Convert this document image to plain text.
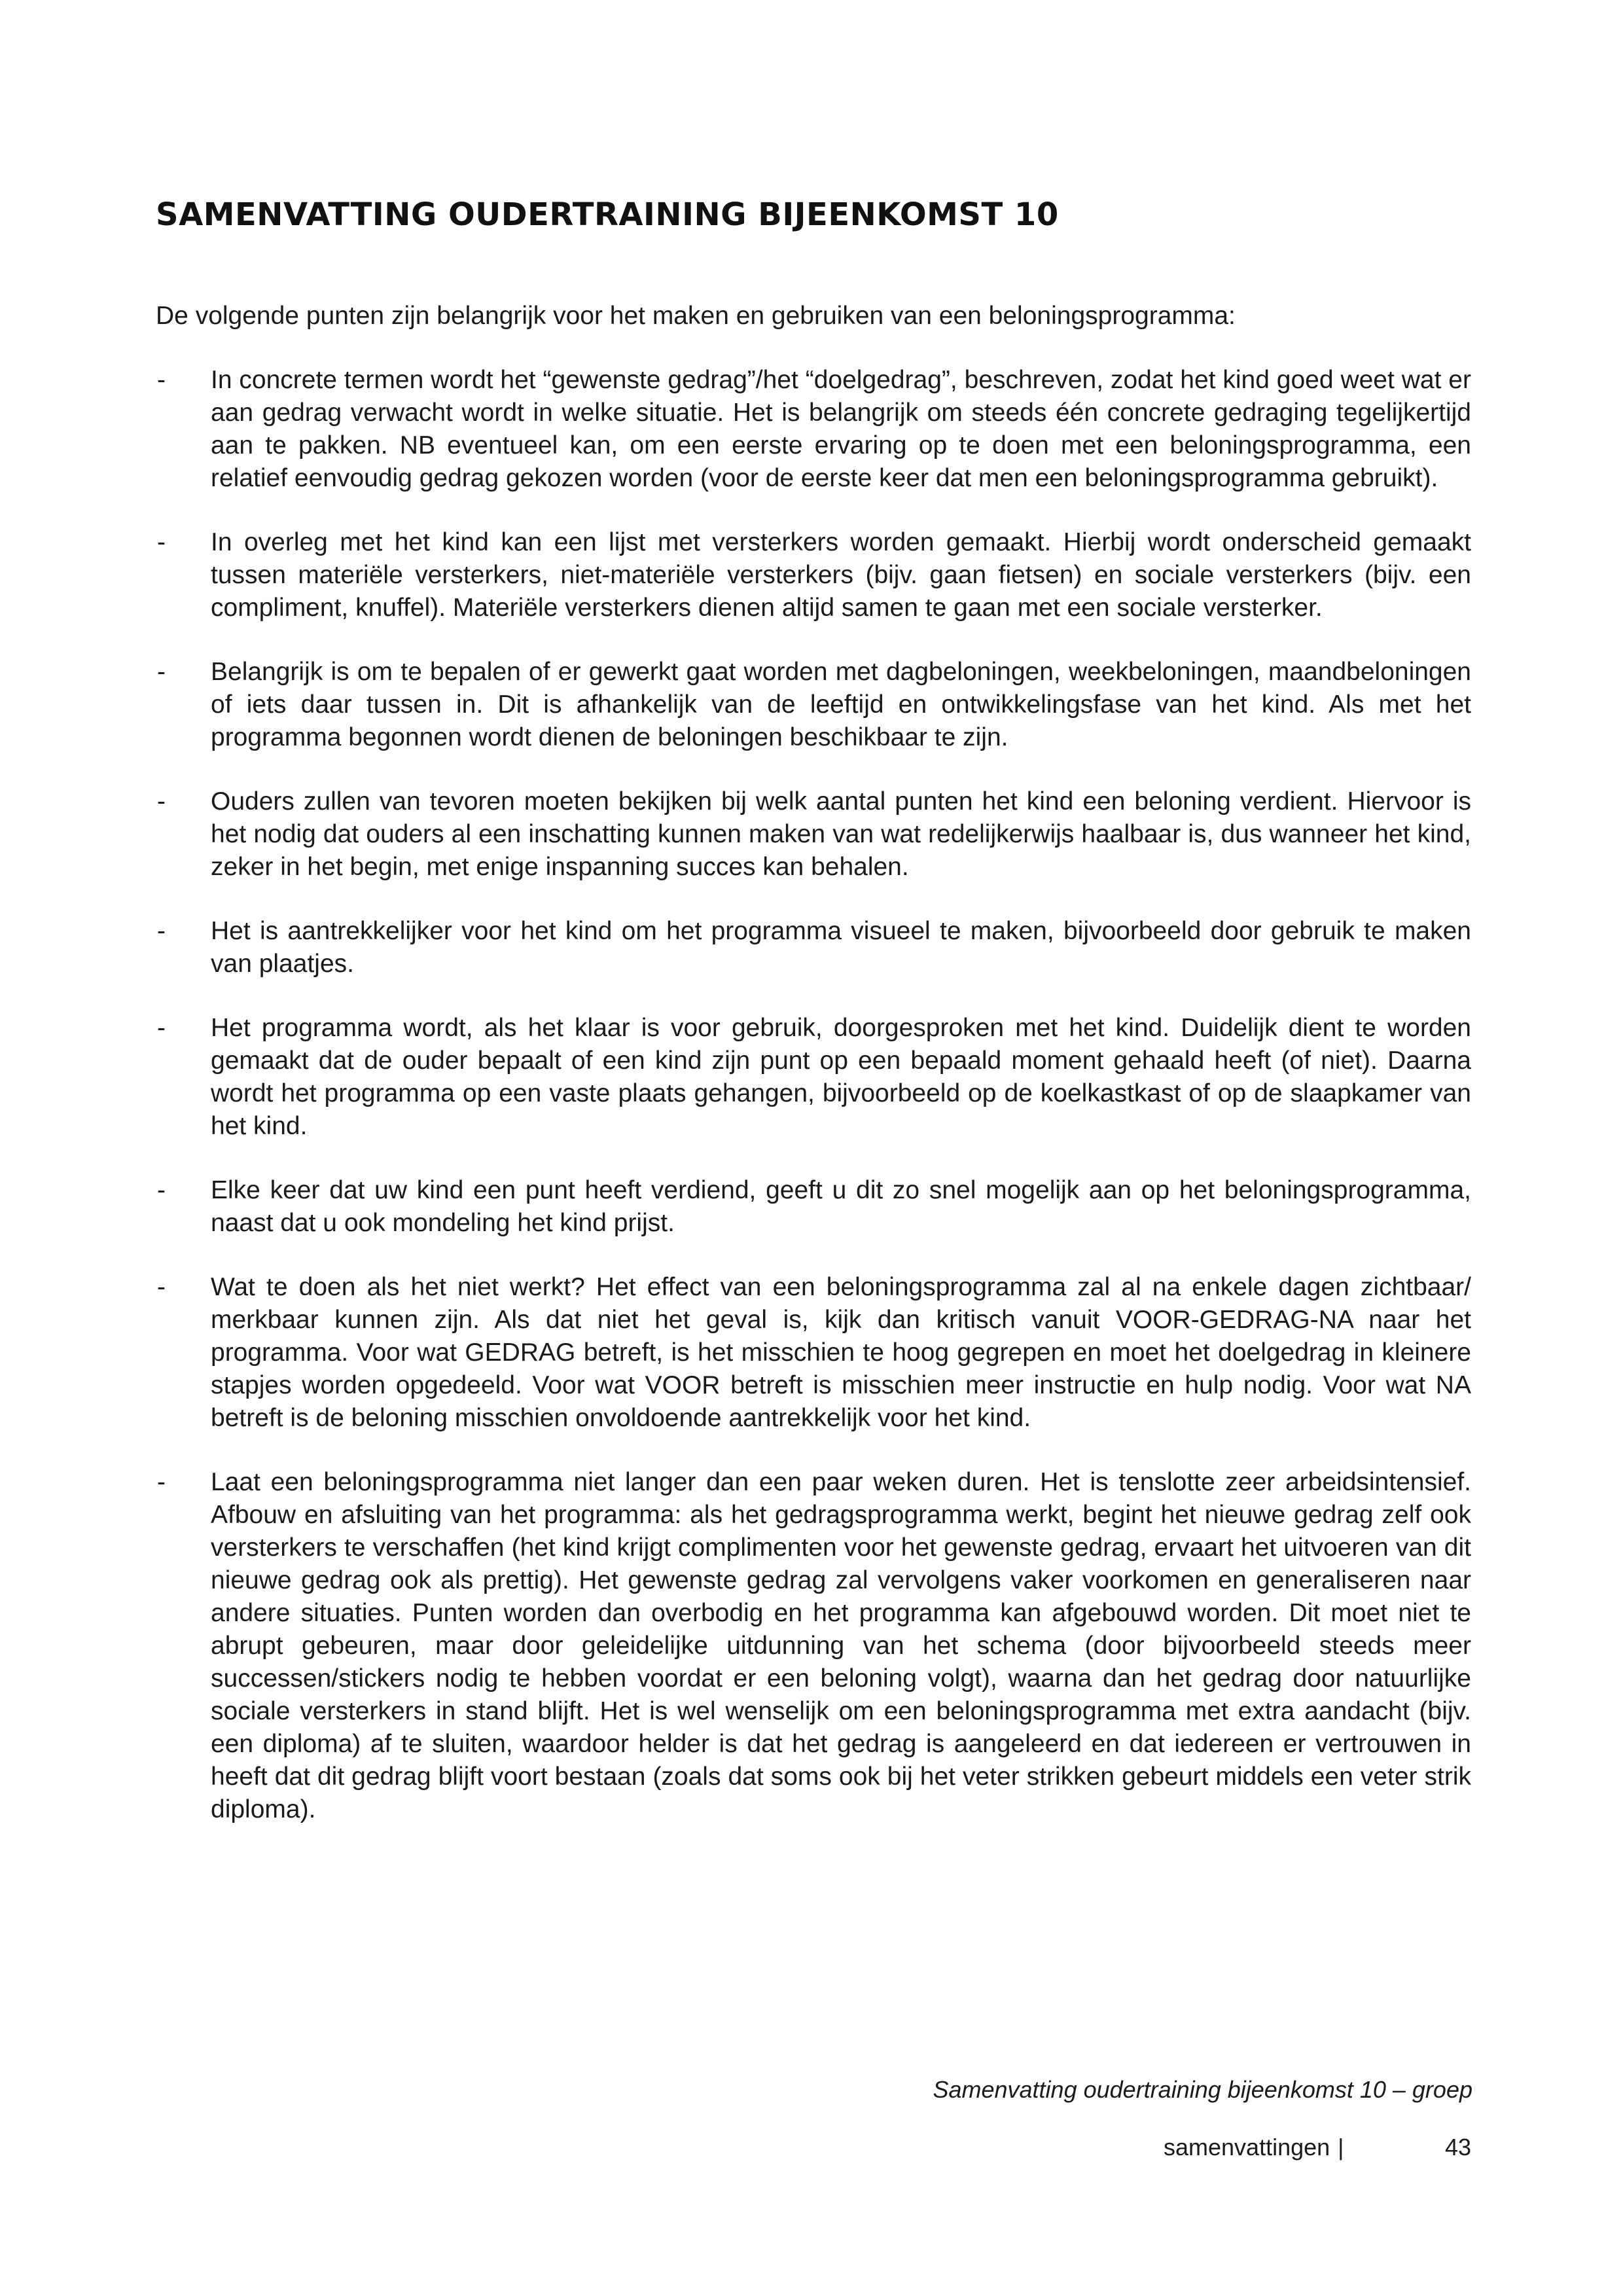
SAMENVATTING OUDERTRAINING BIJEENKOMST 10

De volgende punten zijn belangrijk voor het maken en gebruiken van een beloningsprogramma:

- In concrete termen wordt het “gewenste gedrag”/het “doelgedrag”, beschreven, zodat het kind goed weet wat er aan gedrag verwacht wordt in welke situatie. Het is belangrijk om steeds één concrete gedraging tegelijkertijd aan te pakken. NB eventueel kan, om een eerste ervaring op te doen met een beloningsprogramma, een relatief eenvoudig gedrag gekozen worden (voor de eerste keer dat men een beloningsprogramma gebruikt).
- In overleg met het kind kan een lijst met versterkers worden gemaakt. Hierbij wordt onderscheid gemaakt tussen materiële versterkers, niet-materiële versterkers (bijv. gaan fietsen) en sociale versterkers (bijv. een compliment, knuffel). Materiële versterkers dienen altijd samen te gaan met een sociale versterker.
- Belangrijk is om te bepalen of er gewerkt gaat worden met dagbeloningen, weekbeloningen, maandbeloningen of iets daar tussen in. Dit is afhankelijk van de leeftijd en ontwikkelingsfase van het kind. Als met het programma begonnen wordt dienen de beloningen beschikbaar te zijn.
- Ouders zullen van tevoren moeten bekijken bij welk aantal punten het kind een beloning verdient. Hiervoor is het nodig dat ouders al een inschatting kunnen maken van wat redelijkerwijs haalbaar is, dus wanneer het kind, zeker in het begin, met enige inspanning succes kan behalen.
- Het is aantrekkelijker voor het kind om het programma visueel te maken, bijvoorbeeld door gebruik te maken van plaatjes.
- Het programma wordt, als het klaar is voor gebruik, doorgesproken met het kind. Duidelijk dient te worden gemaakt dat de ouder bepaalt of een kind zijn punt op een bepaald moment gehaald heeft (of niet). Daarna wordt het programma op een vaste plaats gehangen, bijvoorbeeld op de koelkastkast of op de slaapkamer van het kind.
- Elke keer dat uw kind een punt heeft verdiend, geeft u dit zo snel mogelijk aan op het beloningsprogramma, naast dat u ook mondeling het kind prijst.
- Wat te doen als het niet werkt? Het effect van een beloningsprogramma zal al na enkele dagen zichtbaar/ merkbaar kunnen zijn. Als dat niet het geval is, kijk dan kritisch vanuit VOOR-GEDRAG-NA naar het programma. Voor wat GEDRAG betreft, is het misschien te hoog gegrepen en moet het doelgedrag in kleinere stapjes worden opgedeeld. Voor wat VOOR betreft is misschien meer instructie en hulp nodig. Voor wat NA betreft is de beloning misschien onvoldoende aantrekkelijk voor het kind.
- Laat een beloningsprogramma niet langer dan een paar weken duren. Het is tenslotte zeer arbeidsintensief. Afbouw en afsluiting van het programma: als het gedragsprogramma werkt, begint het nieuwe gedrag zelf ook versterkers te verschaffen (het kind krijgt complimenten voor het gewenste gedrag, ervaart het uitvoeren van dit nieuwe gedrag ook als prettig). Het gewenste gedrag zal vervolgens vaker voorkomen en generaliseren naar andere situaties. Punten worden dan overbodig en het programma kan afgebouwd worden. Dit moet niet te abrupt gebeuren, maar door geleidelijke uitdunning van het schema (door bijvoorbeeld steeds meer successen/stickers nodig te hebben voordat er een beloning volgt), waarna dan het gedrag door natuurlijke sociale versterkers in stand blijft. Het is wel wenselijk om een beloningsprogramma met extra aandacht (bijv. een diploma) af te sluiten, waardoor helder is dat het gedrag is aangeleerd en dat iedereen er vertrouwen in heeft dat dit gedrag blijft voort bestaan (zoals dat soms ook bij het veter strikken gebeurt middels een veter strik diploma).

Samenvatting oudertraining bijeenkomst 10 – groep

samenvattingen |	43
